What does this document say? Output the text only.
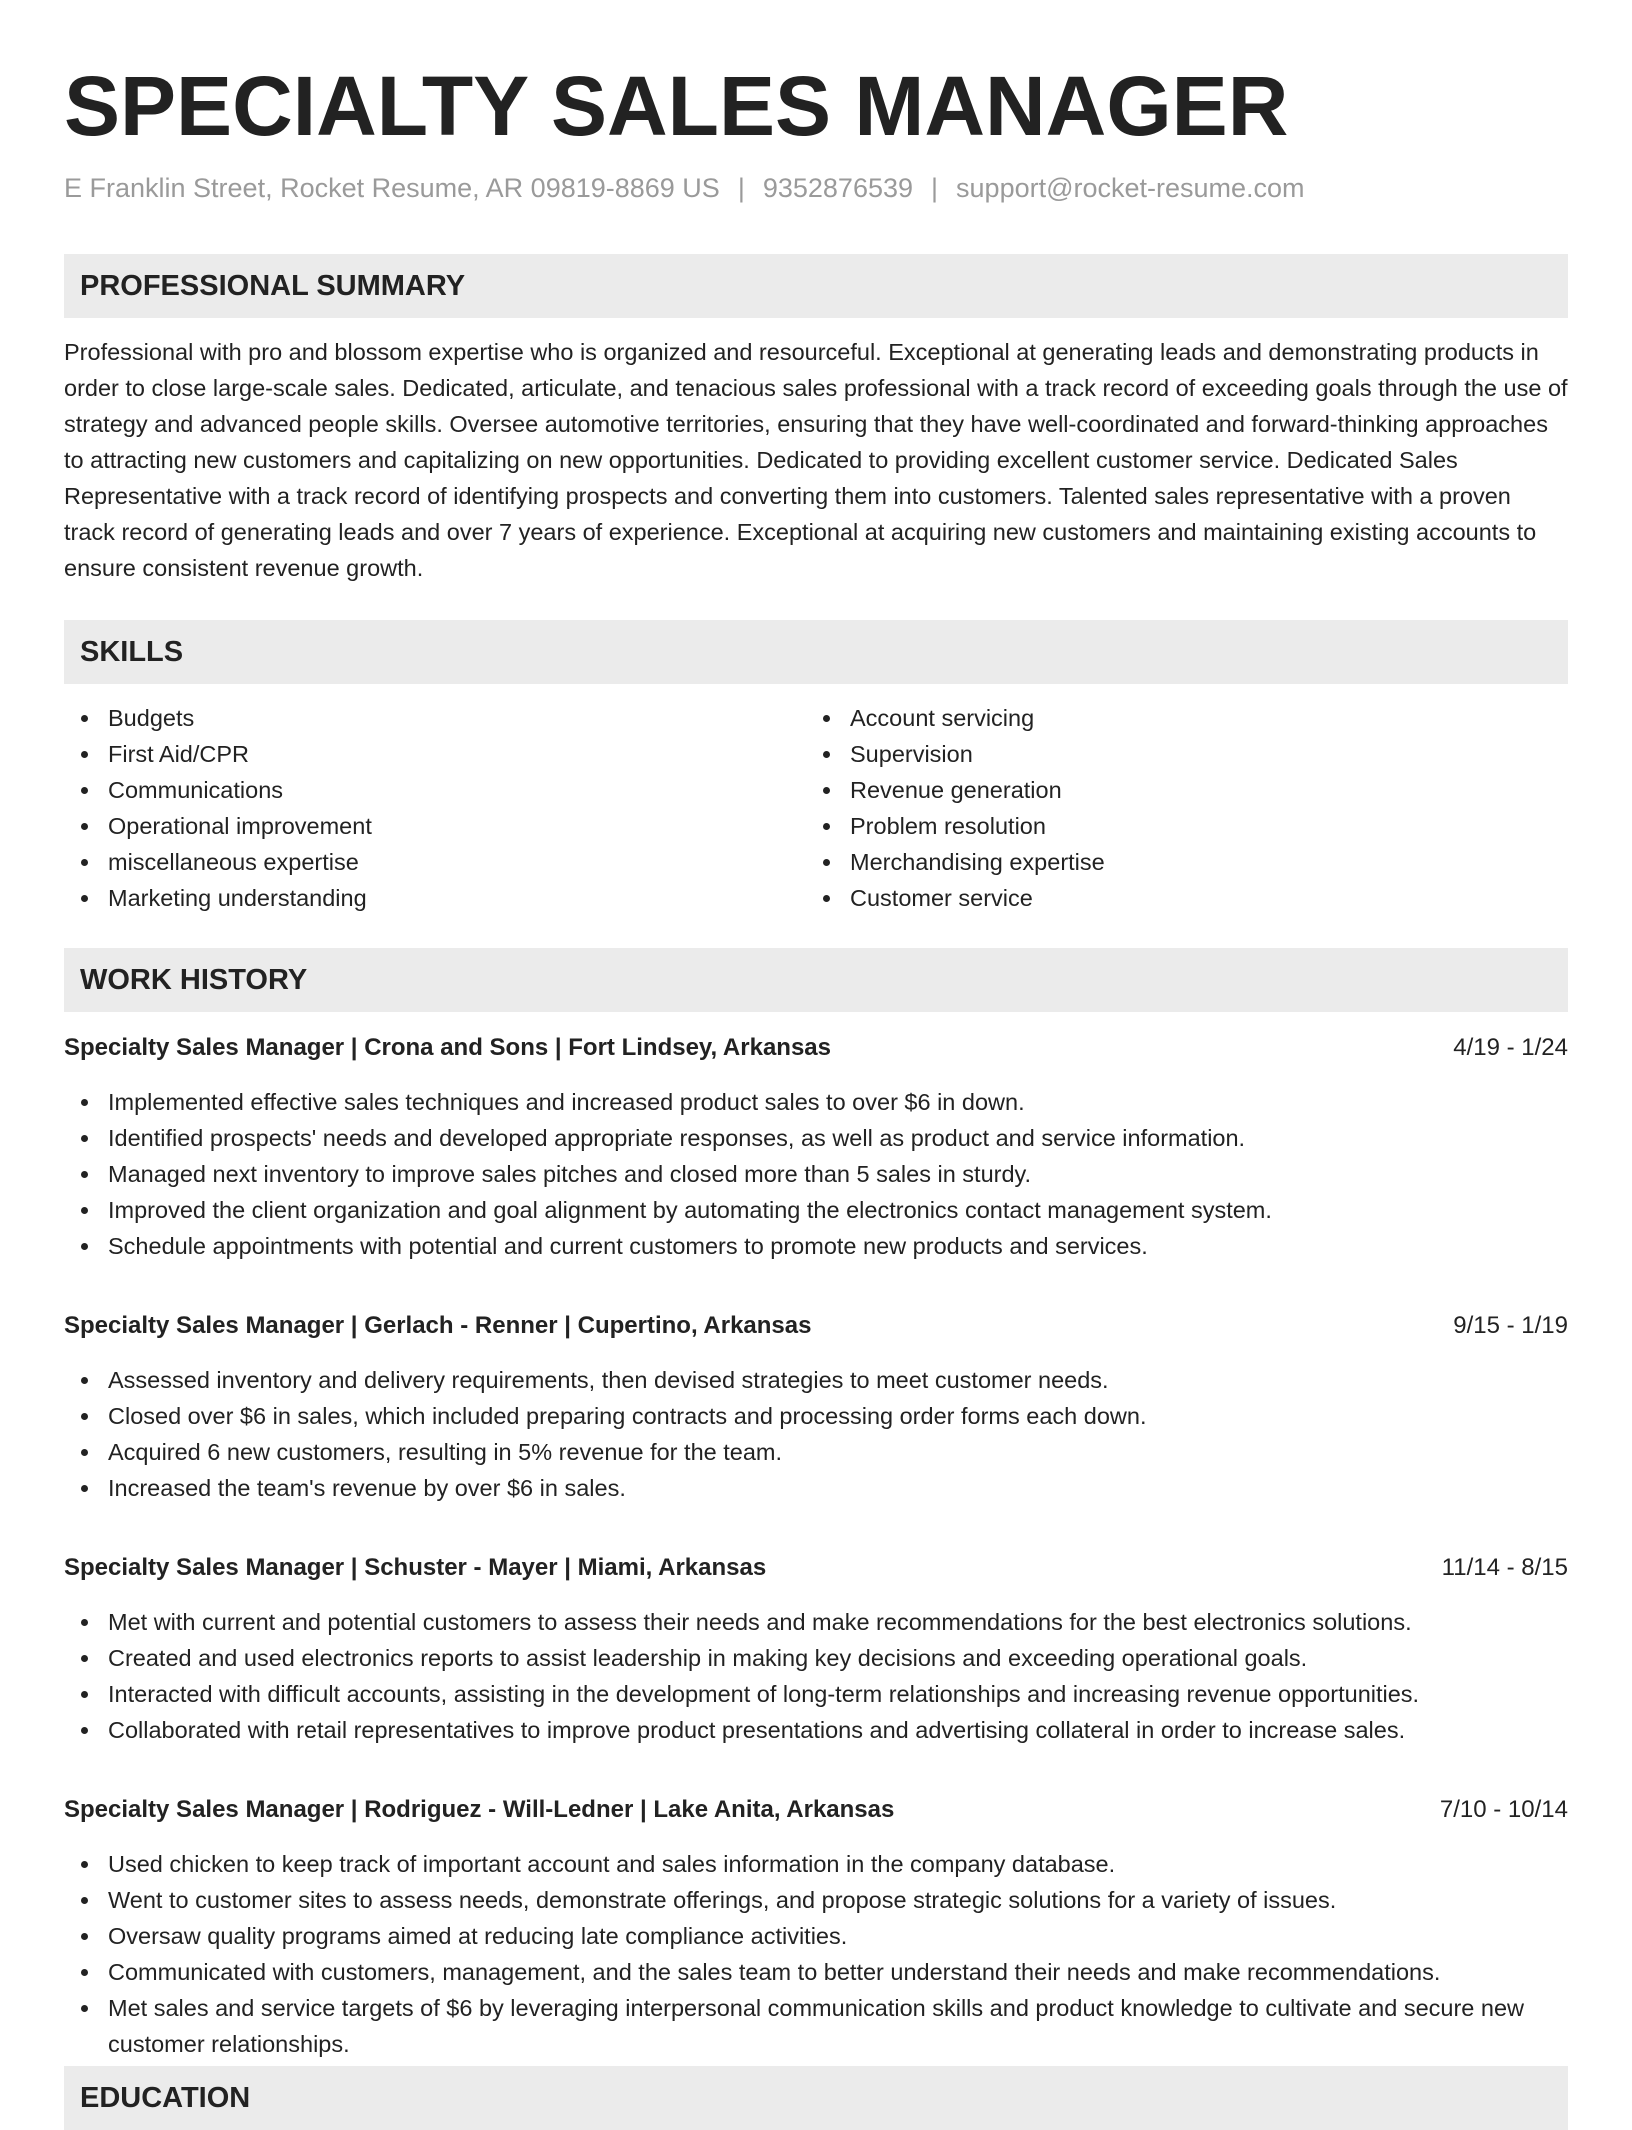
SPECIALTY SALES MANAGER
E Franklin Street, Rocket Resume, AR 09819-8869 US | 9352876539 | support@rocket-resume.com
PROFESSIONAL SUMMARY

Professional with pro and blossom expertise who is organized and resourceful. Exceptional at generating leads and demonstrating products in order to close large-scale sales. Dedicated, articulate, and tenacious sales professional with a track record of exceeding goals through the use of strategy and advanced people skills. Oversee automotive territories, ensuring that they have well-coordinated and forward-thinking approaches to attracting new customers and capitalizing on new opportunities. Dedicated to providing excellent customer service. Dedicated Sales Representative with a track record of identifying prospects and converting them into customers. Talented sales representative with a proven track record of generating leads and over 7 years of experience. Exceptional at acquiring new customers and maintaining existing accounts to ensure consistent revenue growth.

SKILLS
Budgets
First Aid/CPR
Communications
Operational improvement
miscellaneous expertise
Marketing understanding
Account servicing
Supervision
Revenue generation
Problem resolution
Merchandising expertise
Customer service
WORK HISTORY
Specialty Sales Manager | Crona and Sons | Fort Lindsey, Arkansas	4/19 - 1/24
Implemented effective sales techniques and increased product sales to over $6 in down.
Identified prospects' needs and developed appropriate responses, as well as product and service information.
Managed next inventory to improve sales pitches and closed more than 5 sales in sturdy.
Improved the client organization and goal alignment by automating the electronics contact management system.
Schedule appointments with potential and current customers to promote new products and services.
Specialty Sales Manager | Gerlach - Renner | Cupertino, Arkansas	9/15 - 1/19
Assessed inventory and delivery requirements, then devised strategies to meet customer needs.
Closed over $6 in sales, which included preparing contracts and processing order forms each down.
Acquired 6 new customers, resulting in 5% revenue for the team.
Increased the team's revenue by over $6 in sales.
Specialty Sales Manager | Schuster - Mayer | Miami, Arkansas	11/14 - 8/15
Met with current and potential customers to assess their needs and make recommendations for the best electronics solutions.
Created and used electronics reports to assist leadership in making key decisions and exceeding operational goals.
Interacted with difficult accounts, assisting in the development of long-term relationships and increasing revenue opportunities.
Collaborated with retail representatives to improve product presentations and advertising collateral in order to increase sales.
Specialty Sales Manager | Rodriguez - Will-Ledner | Lake Anita, Arkansas	7/10 - 10/14
Used chicken to keep track of important account and sales information in the company database.
Went to customer sites to assess needs, demonstrate offerings, and propose strategic solutions for a variety of issues.
Oversaw quality programs aimed at reducing late compliance activities.
Communicated with customers, management, and the sales team to better understand their needs and make recommendations.
Met sales and service targets of $6 by leveraging interpersonal communication skills and product knowledge to cultivate and secure new customer relationships.
EDUCATION
